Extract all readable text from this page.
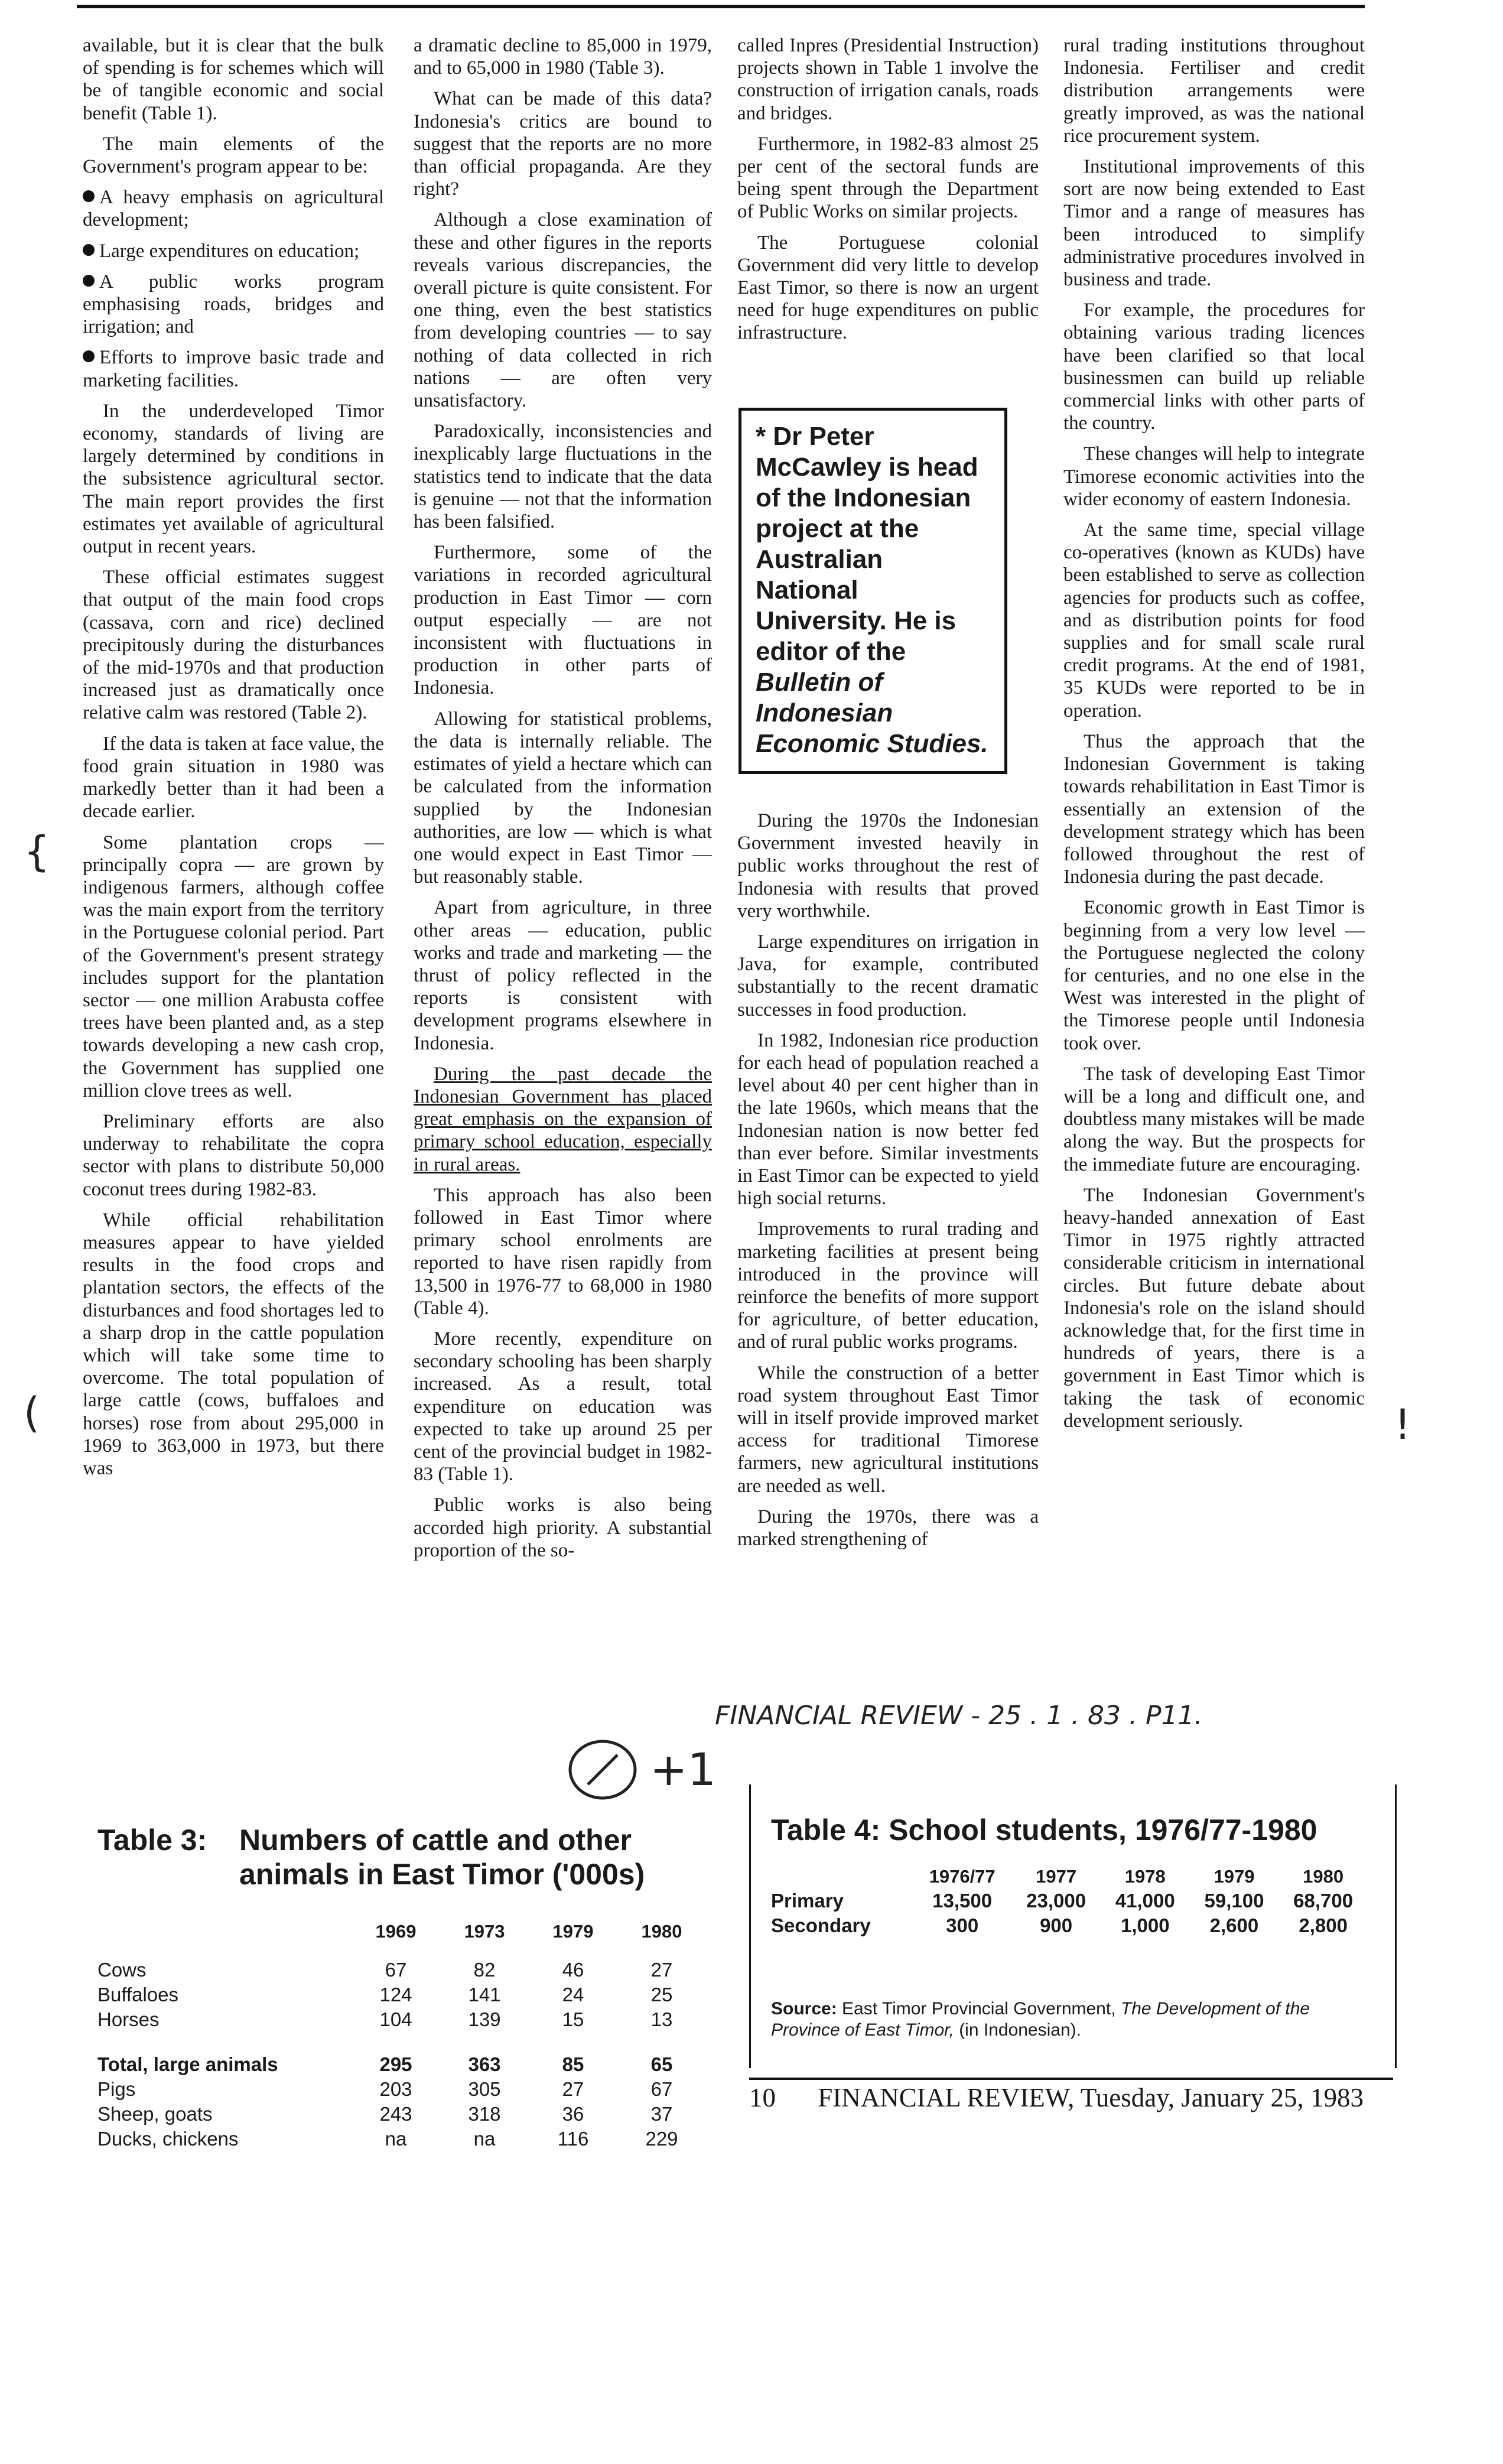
available, but it is clear that the bulk of spending is for schemes which will be of tangible economic and social benefit (Table 1).

The main elements of the Government's program appear to be:

A heavy emphasis on agricultural development;

Large expenditures on education;

A public works program emphasising roads, bridges and irrigation; and

Efforts to improve basic trade and marketing facilities.

In the underdeveloped Timor economy, standards of living are largely determined by conditions in the subsistence agricultural sector. The main report provides the first estimates yet available of agricultural output in recent years.

These official estimates suggest that output of the main food crops (cassava, corn and rice) declined precipitously during the disturbances of the mid-1970s and that production increased just as dramatically once relative calm was restored (Table 2).

If the data is taken at face value, the food grain situation in 1980 was markedly better than it had been a decade earlier.

Some plantation crops — principally copra — are grown by indigenous farmers, although coffee was the main export from the territory in the Portuguese colonial period. Part of the Government's present strategy includes support for the plantation sector — one million Arabusta coffee trees have been planted and, as a step towards developing a new cash crop, the Government has supplied one million clove trees as well.

Preliminary efforts are also underway to rehabilitate the copra sector with plans to distribute 50,000 coconut trees during 1982-83.

While official rehabilitation measures appear to have yielded results in the food crops and plantation sectors, the effects of the disturbances and food shortages led to a sharp drop in the cattle population which will take some time to overcome. The total population of large cattle (cows, buffaloes and horses) rose from about 295,000 in 1969 to 363,000 in 1973, but there was

a dramatic decline to 85,000 in 1979, and to 65,000 in 1980 (Table 3).

What can be made of this data? Indonesia's critics are bound to suggest that the reports are no more than official propaganda. Are they right?

Although a close examination of these and other figures in the reports reveals various discrepancies, the overall picture is quite consistent. For one thing, even the best statistics from developing countries — to say nothing of data collected in rich nations — are often very unsatisfactory.

Paradoxically, inconsistencies and inexplicably large fluctuations in the statistics tend to indicate that the data is genuine — not that the information has been falsified.

Furthermore, some of the variations in recorded agricultural production in East Timor — corn output especially — are not inconsistent with fluctuations in production in other parts of Indonesia.

Allowing for statistical problems, the data is internally reliable. The estimates of yield a hectare which can be calculated from the information supplied by the Indonesian authorities, are low — which is what one would expect in East Timor — but reasonably stable.

Apart from agriculture, in three other areas — education, public works and trade and marketing — the thrust of policy reflected in the reports is consistent with development programs elsewhere in Indonesia.

During the past decade the Indonesian Government has placed great emphasis on the expansion of primary school education, especially in rural areas.

This approach has also been followed in East Timor where primary school enrolments are reported to have risen rapidly from 13,500 in 1976-77 to 68,000 in 1980 (Table 4).

More recently, expenditure on secondary schooling has been sharply increased. As a result, total expenditure on education was expected to take up around 25 per cent of the provincial budget in 1982-83 (Table 1).

Public works is also being accorded high priority. A substantial proportion of the so-

called Inpres (Presidential Instruction) projects shown in Table 1 involve the construction of irrigation canals, roads and bridges.

Furthermore, in 1982-83 almost 25 per cent of the sectoral funds are being spent through the Department of Public Works on similar projects.

The Portuguese colonial Government did very little to develop East Timor, so there is now an urgent need for huge expenditures on public infrastructure.

* Dr Peter McCawley is head of the Indonesian project at the Australian National University. He is editor of the Bulletin of Indonesian Economic Studies.

During the 1970s the Indonesian Government invested heavily in public works throughout the rest of Indonesia with results that proved very worthwhile.

Large expenditures on irrigation in Java, for example, contributed substantially to the recent dramatic successes in food production.

In 1982, Indonesian rice production for each head of population reached a level about 40 per cent higher than in the late 1960s, which means that the Indonesian nation is now better fed than ever before. Similar investments in East Timor can be expected to yield high social returns.

Improvements to rural trading and marketing facilities at present being introduced in the province will reinforce the benefits of more support for agriculture, of better education, and of rural public works programs.

While the construction of a better road system throughout East Timor will in itself provide improved market access for traditional Timorese farmers, new agricultural institutions are needed as well.

During the 1970s, there was a marked strengthening of

rural trading institutions throughout Indonesia. Fertiliser and credit distribution arrangements were greatly improved, as was the national rice procurement system.

Institutional improvements of this sort are now being extended to East Timor and a range of measures has been introduced to simplify administrative procedures involved in business and trade.

For example, the procedures for obtaining various trading licences have been clarified so that local businessmen can build up reliable commercial links with other parts of the country.

These changes will help to integrate Timorese economic activities into the wider economy of eastern Indonesia.

At the same time, special village co-operatives (known as KUDs) have been established to serve as collection agencies for products such as coffee, and as distribution points for food supplies and for small scale rural credit programs. At the end of 1981, 35 KUDs were reported to be in operation.

Thus the approach that the Indonesian Government is taking towards rehabilitation in East Timor is essentially an extension of the development strategy which has been followed throughout the rest of Indonesia during the past decade.

Economic growth in East Timor is beginning from a very low level — the Portuguese neglected the colony for centuries, and no one else in the West was interested in the plight of the Timorese people until Indonesia took over.

The task of developing East Timor will be a long and difficult one, and doubtless many mistakes will be made along the way. But the prospects for the immediate future are encouraging.

The Indonesian Government's heavy-handed annexation of East Timor in 1975 rightly attracted considerable criticism in international circles. But future debate about Indonesia's role on the island should acknowledge that, for the first time in hundreds of years, there is a government in East Timor which is taking the task of economic development seriously.

{
(	!
FINANCIAL REVIEW - 25 . 1 . 83 . P11.
+1
Table 3:	Numbers of cattle and other animals in East Timor ('000s)
	1969	1973	1979	1980

Cows	67	82	46	27
Buffaloes	124	141	24	25
Horses	104	139	15	13

Total, large animals	295	363	85	65
Pigs	203	305	27	67
Sheep, goats	243	318	36	37
Ducks, chickens	na	na	116	229
Table 4: School students, 1976/77-1980
	1976/77	1977	1978	1979	1980
Primary	13,500	23,000	41,000	59,100	68,700
Secondary	300	900	1,000	2,600	2,800
Source: East Timor Provincial Government, The Development of the Province of East Timor, (in Indonesian).
10 FINANCIAL REVIEW, Tuesday, January 25, 1983
